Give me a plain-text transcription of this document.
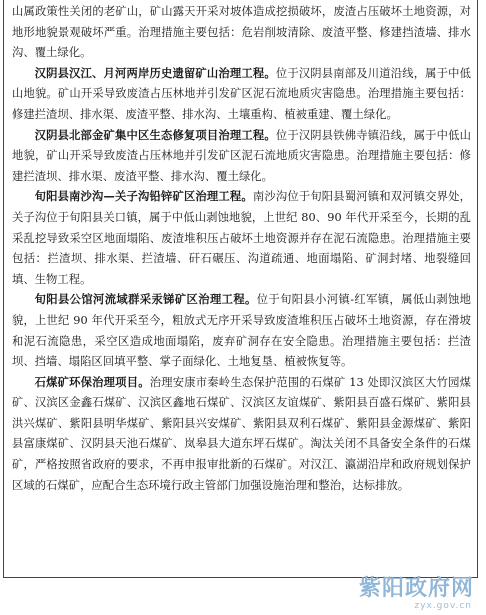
山属政策性关闭的老矿山，矿山露天开采对坡体造成挖损破坏，废渣占压破坏土地资源，对地形地貌景观破坏严重。治理措施主要包括：危岩削坡清除、废渣平整、修建挡渣墙、排水沟、覆土绿化。

汉阴县汉江、月河两岸历史遗留矿山治理工程。位于汉阴县南部及川道沿线，属于中低山地貌。矿山开采导致废渣占压林地并引发矿区泥石流地质灾害隐患。治理措施主要包括：修建拦渣坝、排水渠、废渣平整、排水沟、土壤重构、植被重建、覆土绿化。

汉阴县北部金矿集中区生态修复项目治理工程。位于汉阴县铁佛寺镇沿线，属于中低山地貌，矿山开采导致废渣占压林地并引发矿区泥石流地质灾害隐患。治理措施主要包括：修建拦渣坝、排水渠、废渣平整、排水沟、覆土绿化。

旬阳县南沙沟—关子沟铅锌矿区治理工程。南沙沟位于旬阳县蜀河镇和双河镇交界处，关子沟位于旬阳县关口镇，属于中低山剥蚀地貌，上世纪 80、90 年代开采至今，长期的乱采乱挖导致采空区地面塌陷、废渣堆积压占破坏土地资源并存在泥石流隐患。治理措施主要包括：拦渣坝、排水渠、拦渣墙、矸石碾压、沟道疏通、地面塌陷、矿洞封堵、地裂缝回填、生物工程。

旬阳县公馆河流域群采汞锑矿区治理工程。位于旬阳县小河镇-红军镇，属低山剥蚀地貌，上世纪 90 年代开采至今，粗放式无序开采导致废渣堆积压占破坏土地资源，存在滑坡和泥石流隐患，采空区造成地面塌陷，废弃矿洞存在安全隐患。治理措施主要包括：拦渣坝、挡墙、塌陷区回填平整、掌子面绿化、土地复垦、植被恢复等。

石煤矿环保治理项目。治理安康市秦岭生态保护范围的石煤矿 13 处即汉滨区大竹园煤矿、汉滨区金鑫石煤矿、汉滨区鑫地石煤矿、汉滨区友谊煤矿、紫阳县百盛石煤矿、紫阳县洪兴煤矿、紫阳县明华煤矿、紫阳县兴安煤矿、紫阳县双利石煤矿、紫阳县金源煤矿、紫阳县富康煤矿、汉阴县天池石煤矿、岚皋县大道东坪石煤矿。淘汰关闭不具备安全条件的石煤矿，严格按照省政府的要求，不再申报审批新的石煤矿。对汉江、瀛湖沿岸和政府规划保护区域的石煤矿，应配合生态环境行政主管部门加强设施治理和整治，达标排放。

紫阳政府网
zyx.gov.cn
